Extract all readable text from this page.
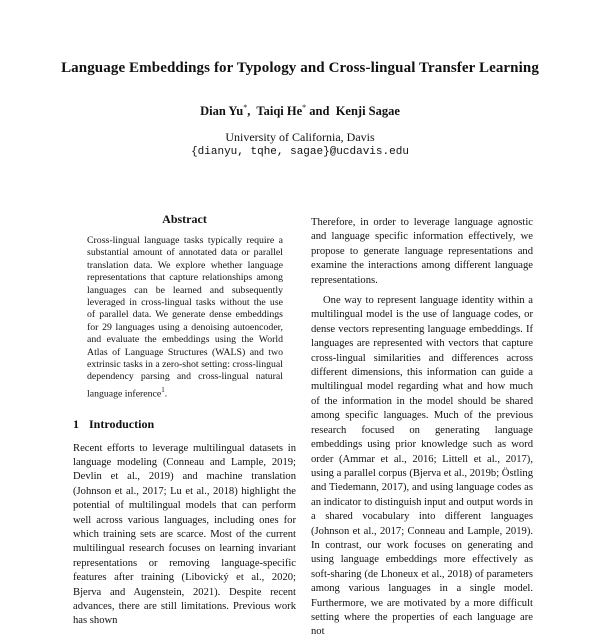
Language Embeddings for Typology and Cross-lingual Transfer Learning
Dian Yu*,  Taiqi He* and  Kenji Sagae
University of California, Davis
{dianyu, tqhe, sagae}@ucdavis.edu
Abstract

Cross-lingual language tasks typically require a substantial amount of annotated data or parallel translation data. We explore whether language representations that capture relationships among languages can be learned and subsequently leveraged in cross-lingual tasks without the use of parallel data. We generate dense embeddings for 29 languages using a denoising autoencoder, and evaluate the embeddings using the World Atlas of Language Structures (WALS) and two extrinsic tasks in a zero-shot setting: cross-lingual dependency parsing and cross-lingual natural language inference$^1$.

1 Introduction

Recent efforts to leverage multilingual datasets in language modeling (Conneau and Lample, 2019; Devlin et al., 2019) and machine translation (Johnson et al., 2017; Lu et al., 2018) highlight the potential of multilingual models that can perform well across various languages, including ones for which training sets are scarce. Most of the current multilingual research focuses on learning invariant representations or removing language-specific features after training (Libovický et al., 2020; Bjerva and Augenstein, 2021). Despite recent advances, there are still limitations. Previous work has shown

Therefore, in order to leverage language agnostic and language specific information effectively, we propose to generate language representations and examine the interactions among different language representations.

One way to represent language identity within a multilingual model is the use of language codes, or dense vectors representing language embeddings. If languages are represented with vectors that capture cross-lingual similarities and differences across different dimensions, this information can guide a multilingual model regarding what and how much of the information in the model should be shared among specific languages. Much of the previous research focused on generating language embeddings using prior knowledge such as word order (Ammar et al., 2016; Littell et al., 2017), using a parallel corpus (Bjerva et al., 2019b; Östling and Tiedemann, 2017), and using language codes as an indicator to distinguish input and output words in a shared vocabulary into different languages (Johnson et al., 2017; Conneau and Lample, 2019). In contrast, our work focuses on generating and using language embeddings more effectively as soft-sharing (de Lhoneux et al., 2018) of parameters among various languages in a single model. Furthermore, we are motivated by a more difficult setting where the properties of each language are not
